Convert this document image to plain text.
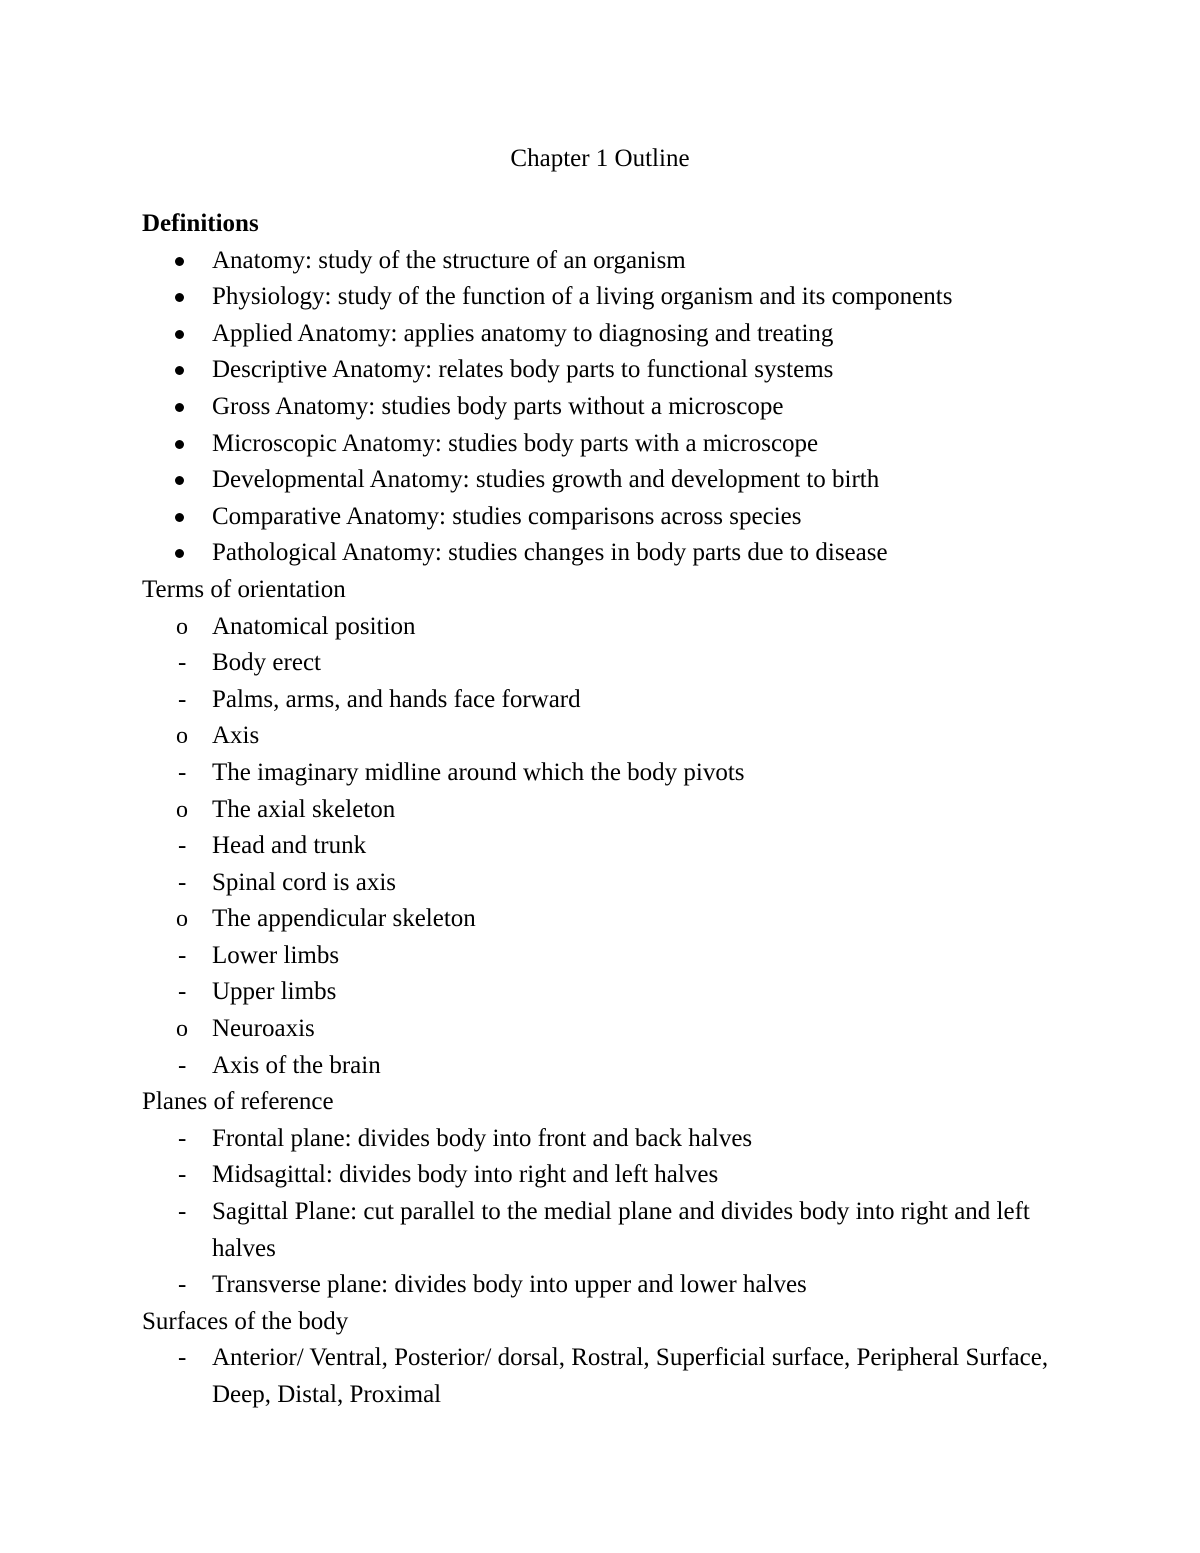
Chapter 1 Outline
Definitions
Anatomy: study of the structure of an organism
Physiology: study of the function of a living organism and its components
Applied Anatomy: applies anatomy to diagnosing and treating
Descriptive Anatomy: relates body parts to functional systems
Gross Anatomy: studies body parts without a microscope
Microscopic Anatomy: studies body parts with a microscope
Developmental Anatomy: studies growth and development to birth
Comparative Anatomy: studies comparisons across species
Pathological Anatomy: studies changes in body parts due to disease
Terms of orientation
o Anatomical position
-	Body erect
-	Palms, arms, and hands face forward
o Axis
-	The imaginary midline around which the body pivots
o The axial skeleton
-	Head and trunk
-	Spinal cord is axis
o The appendicular skeleton
-	Lower limbs
-	Upper limbs
o Neuroaxis
-	Axis of the brain
Planes of reference
-	Frontal plane: divides body into front and back halves
-	Midsagittal: divides body into right and left halves
-	Sagittal Plane: cut parallel to the medial plane and divides body into right and left halves
-	Transverse plane: divides body into upper and lower halves
Surfaces of the body
-	Anterior/ Ventral, Posterior/ dorsal, Rostral, Superficial surface, Peripheral Surface, Deep, Distal, Proximal
